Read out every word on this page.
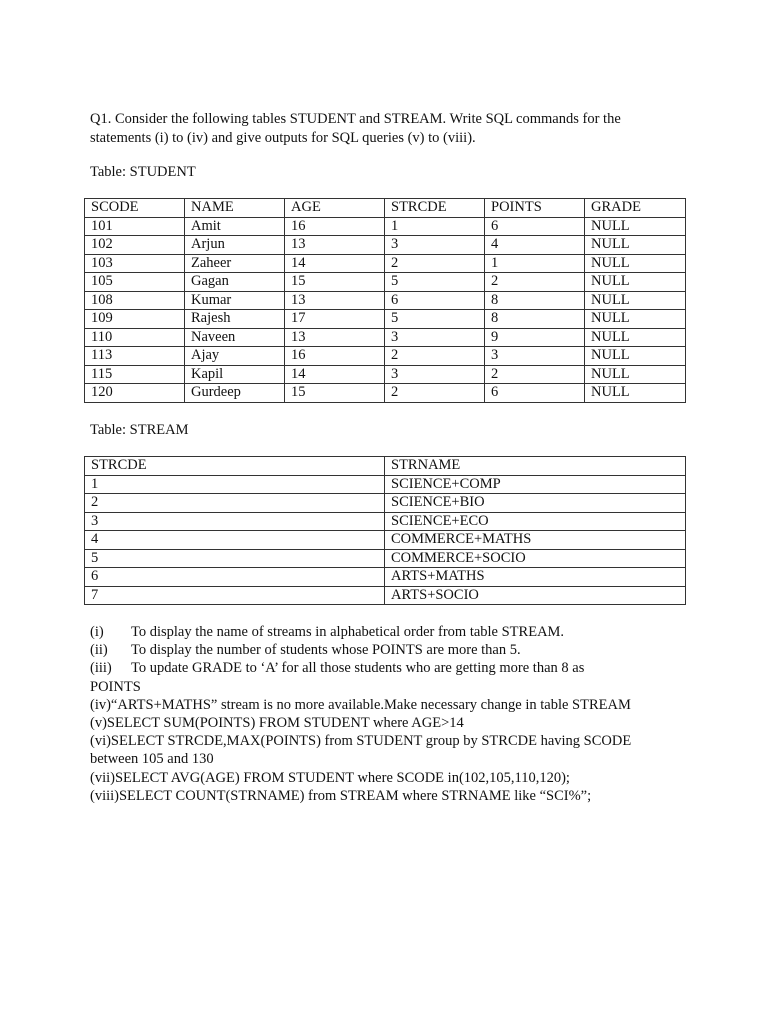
Q1. Consider the following tables STUDENT and STREAM. Write SQL commands for the
statements (i) to (iv) and give outputs for SQL queries (v) to (viii).
Table: STUDENT
SCODE	NAME	AGE	STRCDE	POINTS	GRADE
101	Amit	16	1	6	NULL
102	Arjun	13	3	4	NULL
103	Zaheer	14	2	1	NULL
105	Gagan	15	5	2	NULL
108	Kumar	13	6	8	NULL
109	Rajesh	17	5	8	NULL
110	Naveen	13	3	9	NULL
113	Ajay	16	2	3	NULL
115	Kapil	14	3	2	NULL
120	Gurdeep	15	2	6	NULL
Table: STREAM
STRCDE	STRNAME
1	SCIENCE+COMP
2	SCIENCE+BIO
3	SCIENCE+ECO
4	COMMERCE+MATHS
5	COMMERCE+SOCIO
6	ARTS+MATHS
7	ARTS+SOCIO
(i) To display the name of streams in alphabetical order from table STREAM.
(ii) To display the number of students whose POINTS are more than 5.
(iii) To update GRADE to ‘A’ for all those students who are getting more than 8 as
POINTS
(iv)“ARTS+MATHS” stream is no more available.Make necessary change in table STREAM
(v)SELECT SUM(POINTS) FROM STUDENT where AGE>14
(vi)SELECT STRCDE,MAX(POINTS) from STUDENT group by STRCDE having SCODE
between 105 and 130
(vii)SELECT AVG(AGE) FROM STUDENT where SCODE in(102,105,110,120);
(viii)SELECT COUNT(STRNAME) from STREAM where STRNAME like “SCI%”;
